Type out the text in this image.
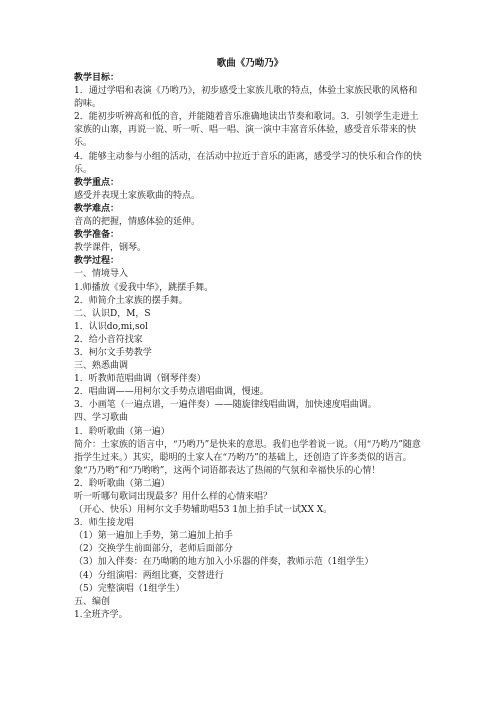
歌曲《乃呦乃》
教学目标：
1．通过学唱和表演《乃哟乃》，初步感受土家族儿歌的特点，体验土家族民歌的风格和韵味。
2．能初步听辨高和低的音，并能随着音乐准确地读出节奏和歌词。3．引领学生走进土家族的山寨，再说一说、听一听、唱一唱、演一演中丰富音乐体验，感受音乐带来的快乐。
4．能够主动参与小组的活动，在活动中拉近于音乐的距离，感受学习的快乐和合作的快乐。
教学重点：
感受并表现土家族歌曲的特点。
教学难点：
音高的把握，情感体验的延伸。
教学准备：
教学课件，钢琴。
教学过程：
一、情境导入
1.师播放《爱我中华》，跳摆手舞。
2．师简介土家族的摆手舞。
二、认识D，M，S
1．认识do,mi,sol
2．给小音符找家
3．柯尔文手势教学
三、熟悉曲调
1．听教师范唱曲调（钢琴伴奏）
2．唱曲调——用柯尔文手势点谱唱曲调，慢速。
3．小画笔（一遍点谱，一遍伴奏）——随旋律线唱曲调，加快速度唱曲调。
四、学习歌曲
1．聆听歌曲（第一遍）
简介：土家族的语言中，“乃哟乃”是快来的意思。我们也学着说一说。（用“乃哟乃”随意指学生过来。）其实，聪明的土家人在“乃哟乃”的基础上，还创造了许多类似的语言。象“乃乃哟”和“乃哟哟”，这两个词语都表达了热闹的气氛和幸福快乐的心情！
2．聆听歌曲（第二遍）
听一听哪句歌词出现最多？用什么样的心情来唱？
（开心、快乐）用柯尔文手势辅助唱53 1加上拍手试一试XX X。
3．师生接龙唱
（1）第一遍加上手势，第二遍加上拍手
（2）交换学生前面部分，老师后面部分
（3）加入伴奏：在乃呦喲的地方加入小乐器的伴奏，教师示范（1组学生）
（4）分组演唱：两组比赛，交替进行
（5）完整演唱（1组学生）
五、编创
1.全班齐学。
